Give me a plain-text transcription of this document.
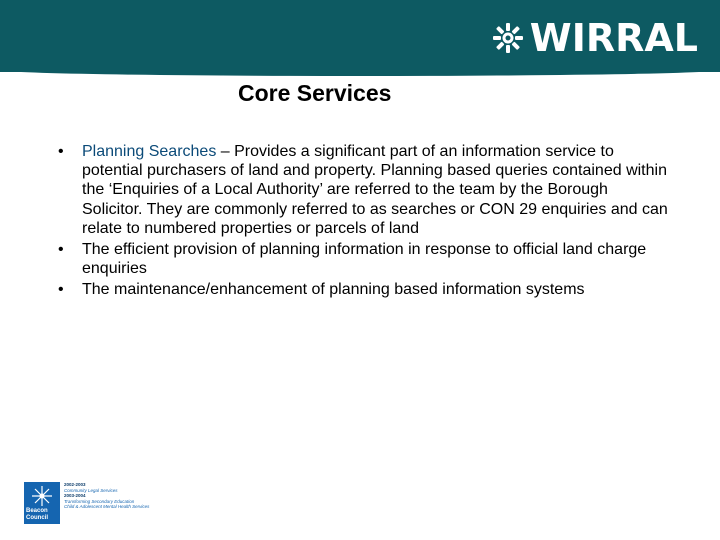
WIRRAL
Core Services
• Planning Searches – Provides a significant part of an information service to potential purchasers of land and property. Planning based queries contained within the ‘Enquiries of a Local Authority’ are referred to the team by the Borough Solicitor. They are commonly referred to as searches or CON 29 enquiries and can relate to numbered properties or parcels of land
• The efficient provision of planning information in response to official land charge enquiries
• The maintenance/enhancement of planning based information systems
Beacon Council
2002-2003
Community Legal Services
2003-2004
Transforming Secondary Education
Child & Adolescent Mental Health Services
